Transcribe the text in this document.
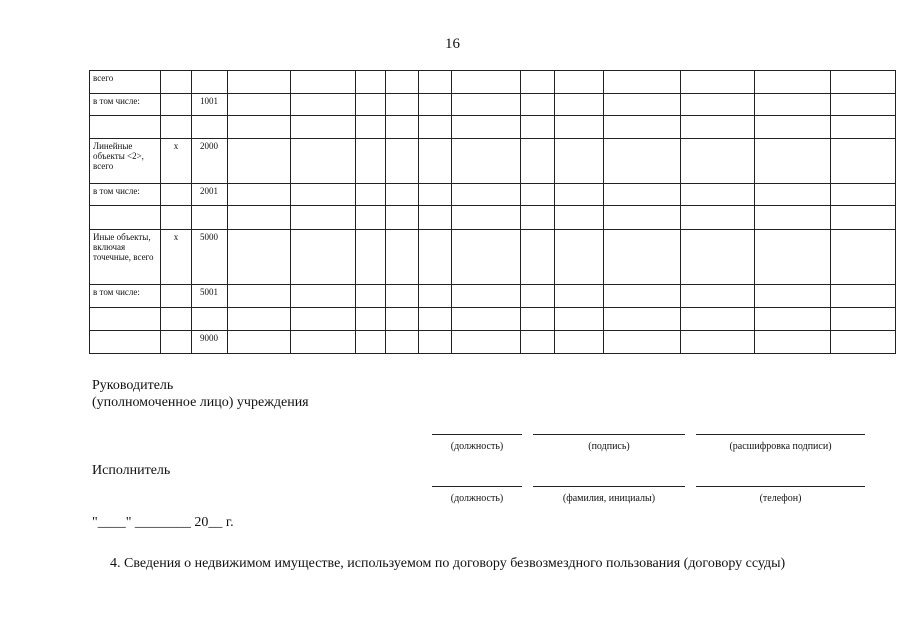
16
всего														
в том числе:		1001												

Линейные объекты <2>, всего	x	2000												
в том числе:		2001												

Иные объекты, включая точечные, всего	x	5000												
в том числе:		5001												

		9000												
Руководитель
(уполномоченное лицо) учреждения
(должность)	(подпись)	(расшифровка подписи)
Исполнитель
(должность)	(фамилия, инициалы)	(телефон)
"____" ________ 20__ г.
4. Сведения о недвижимом имуществе, используемом по договору безвозмездного пользования (договору ссуды)
